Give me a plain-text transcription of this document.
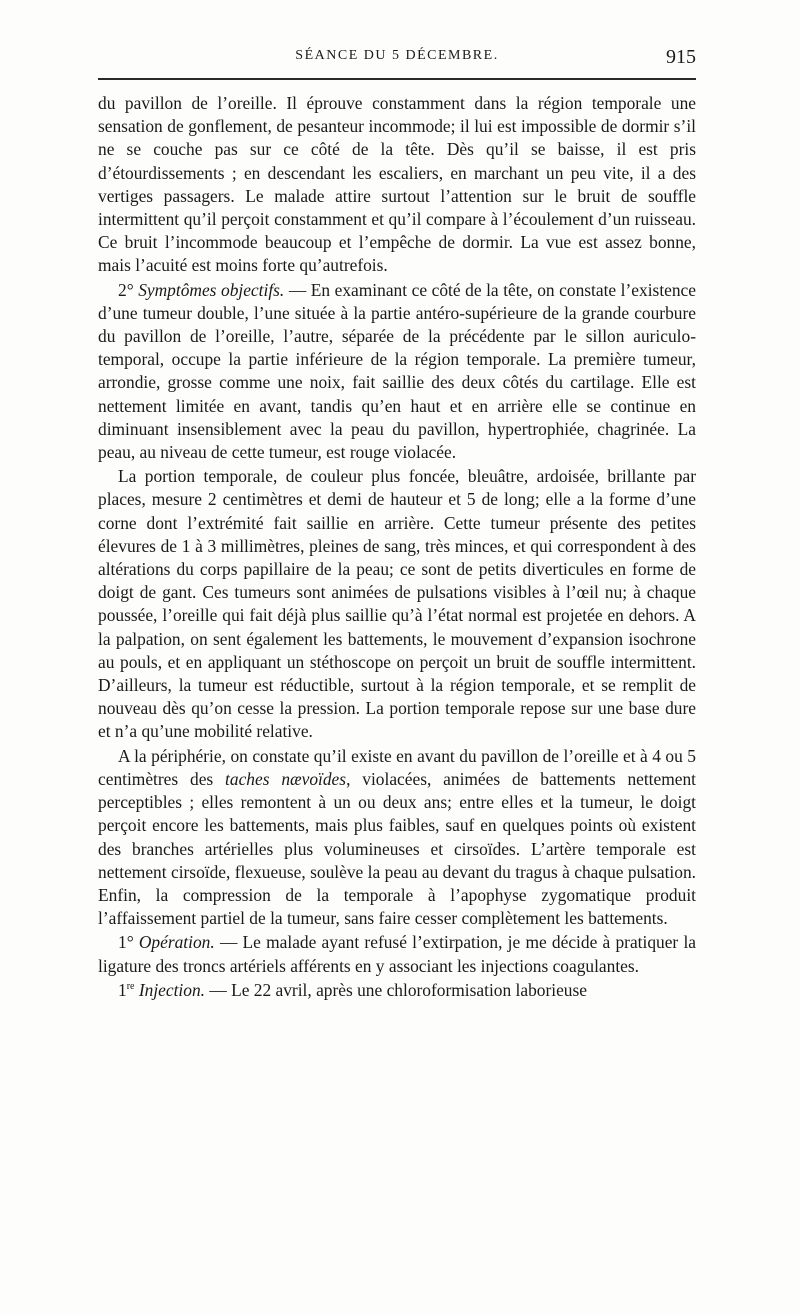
SÉANCE DU 5 DÉCEMBRE.	915

du pavillon de l’oreille. Il éprouve constamment dans la région temporale une sensation de gonflement, de pesanteur incommode; il lui est impossible de dormir s’il ne se couche pas sur ce côté de la tête. Dès qu’il se baisse, il est pris d’étourdissements ; en descendant les escaliers, en marchant un peu vite, il a des vertiges passagers. Le malade attire surtout l’attention sur le bruit de souffle intermittent qu’il perçoit constamment et qu’il compare à l’écoulement d’un ruisseau. Ce bruit l’incommode beaucoup et l’empêche de dormir. La vue est assez bonne, mais l’acuité est moins forte qu’autrefois.

2° Symptômes objectifs. — En examinant ce côté de la tête, on constate l’existence d’une tumeur double, l’une située à la partie antéro-supérieure de la grande courbure du pavillon de l’oreille, l’autre, séparée de la précédente par le sillon auriculo-temporal, occupe la partie inférieure de la région temporale. La première tumeur, arrondie, grosse comme une noix, fait saillie des deux côtés du cartilage. Elle est nettement limitée en avant, tandis qu’en haut et en arrière elle se continue en diminuant insensiblement avec la peau du pavillon, hypertrophiée, chagrinée. La peau, au niveau de cette tumeur, est rouge violacée.

La portion temporale, de couleur plus foncée, bleuâtre, ardoisée, brillante par places, mesure 2 centimètres et demi de hauteur et 5 de long; elle a la forme d’une corne dont l’extrémité fait saillie en arrière. Cette tumeur présente des petites élevures de 1 à 3 millimètres, pleines de sang, très minces, et qui correspondent à des altérations du corps papillaire de la peau; ce sont de petits diverticules en forme de doigt de gant. Ces tumeurs sont animées de pulsations visibles à l’œil nu; à chaque poussée, l’oreille qui fait déjà plus saillie qu’à l’état normal est projetée en dehors. A la palpation, on sent également les battements, le mouvement d’expansion isochrone au pouls, et en appliquant un stéthoscope on perçoit un bruit de souffle intermittent. D’ailleurs, la tumeur est réductible, surtout à la région temporale, et se remplit de nouveau dès qu’on cesse la pression. La portion temporale repose sur une base dure et n’a qu’une mobilité relative.

A la périphérie, on constate qu’il existe en avant du pavillon de l’oreille et à 4 ou 5 centimètres des taches nævoïdes, violacées, animées de battements nettement perceptibles ; elles remontent à un ou deux ans; entre elles et la tumeur, le doigt perçoit encore les battements, mais plus faibles, sauf en quelques points où existent des branches artérielles plus volumineuses et cirsoïdes. L’artère temporale est nettement cirsoïde, flexueuse, soulève la peau au devant du tragus à chaque pulsation. Enfin, la compression de la temporale à l’apophyse zygomatique produit l’affaissement partiel de la tumeur, sans faire cesser complètement les battements.

1° Opération. — Le malade ayant refusé l’extirpation, je me décide à pratiquer la ligature des troncs artériels afférents en y associant les injections coagulantes.

1re Injection. — Le 22 avril, après une chloroformisation laborieuse
